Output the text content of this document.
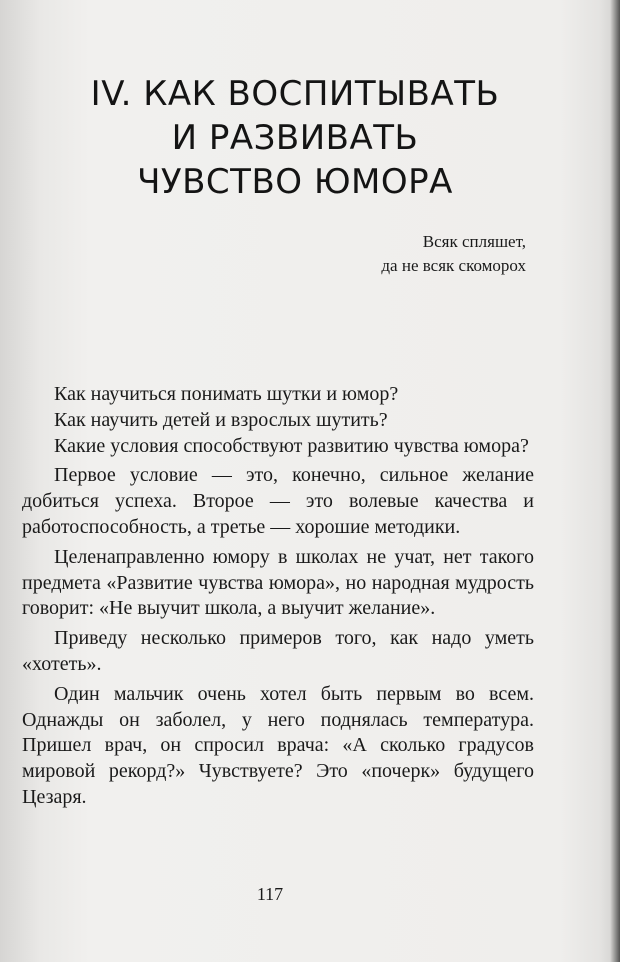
IV. КАК ВОСПИТЫВАТЬ
И РАЗВИВАТЬ
ЧУВСТВО ЮМОРА
Всяк спляшет,
да не всяк скоморох

Как научиться понимать шутки и юмор?

Как научить детей и взрослых шутить?

Какие условия способствуют развитию чувства юмора?

Первое условие — это, конечно, сильное желание добиться успеха. Второе — это волевые качества и работоспособность, а третье — хорошие методики.

Целенаправленно юмору в школах не учат, нет такого предмета «Развитие чувства юмора», но народная мудрость говорит: «Не выучит школа, а выучит желание».

Приведу несколько примеров того, как надо уметь «хотеть».

Один мальчик очень хотел быть первым во всем. Однажды он заболел, у него поднялась температура. Пришел врач, он спросил врача: «А сколько градусов мировой рекорд?» Чувствуете? Это «почерк» будущего Цезаря.

117
